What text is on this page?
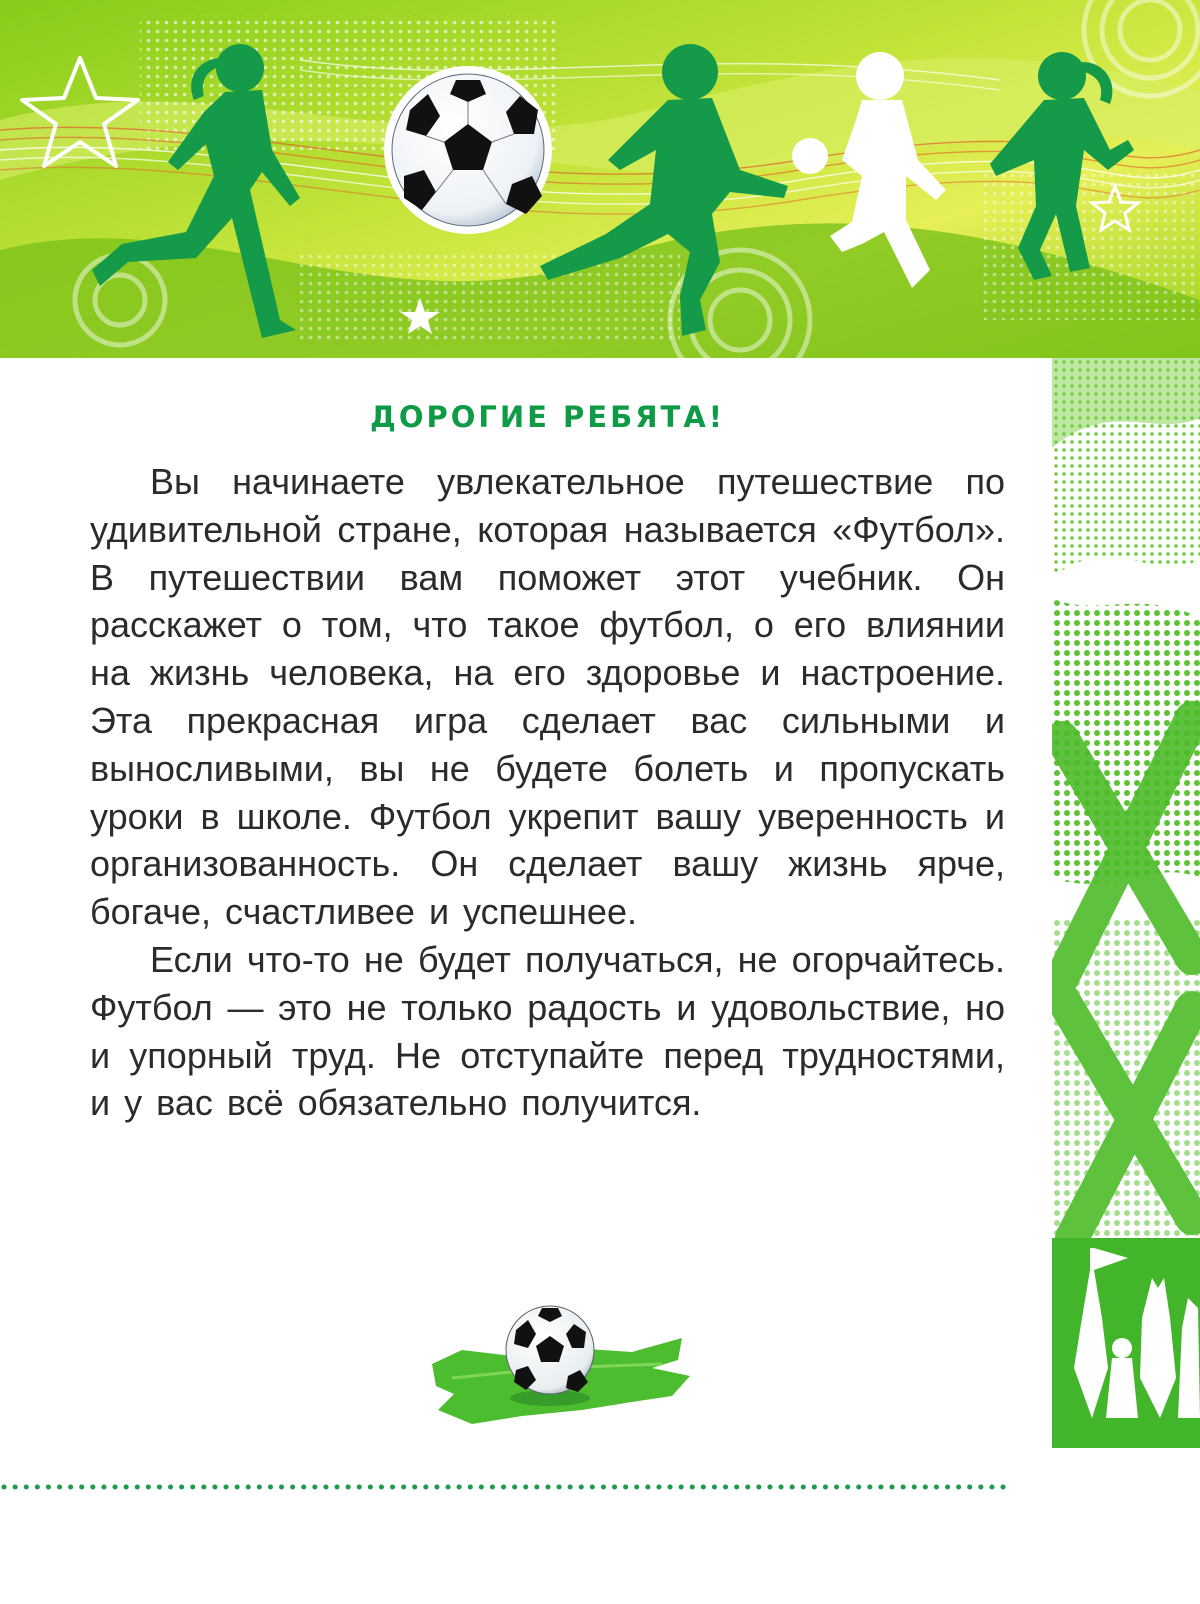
ДОРОГИЕ РЕБЯТА!

Вы начинаете увлекательное путешествие по удивительной стране, которая называется «Футбол». В путешествии вам поможет этот учебник. Он расскажет о том, что такое футбол, о его влиянии на жизнь человека, на его здоровье и настроение. Эта прекрасная игра сделает вас сильными и выносливыми, вы не будете болеть и пропускать уроки в школе. Футбол укрепит вашу уверенность и организованность. Он сделает вашу жизнь ярче, богаче, счастливее и успешнее.

Если что-то не будет получаться, не огорчайтесь. Футбол — это не только радость и удовольствие, но и упорный труд. Не отступайте перед трудностями, и у вас всё обязательно получится.
